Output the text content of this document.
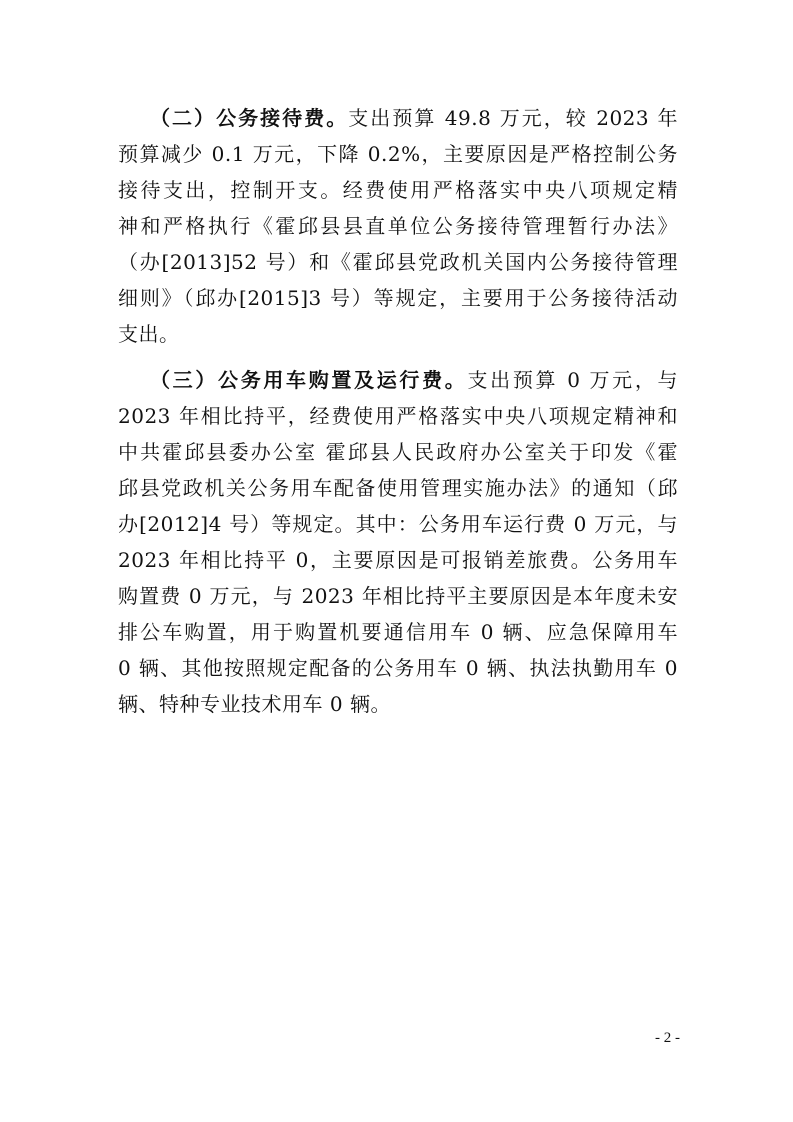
（二）公务接待费。支出预算 49.8 万元，较 2023 年
预算减少 0.1 万元，下降 0.2%，主要原因是严格控制公务
接待支出，控制开支。经费使用严格落实中央八项规定精
神和严格执行《霍邱县县直单位公务接待管理暂行办法》
（办[2013]52 号）和《霍邱县党政机关国内公务接待管理
细则》（邱办[2015]3 号）等规定，主要用于公务接待活动
支出。
（三）公务用车购置及运行费。支出预算 0 万元，与
2023 年相比持平，经费使用严格落实中央八项规定精神和
中共霍邱县委办公室 霍邱县人民政府办公室关于印发《霍
邱县党政机关公务用车配备使用管理实施办法》的通知（邱
办[2012]4 号）等规定。其中：公务用车运行费 0 万元，与
2023 年相比持平 0，主要原因是可报销差旅费。公务用车
购置费 0 万元，与 2023 年相比持平主要原因是本年度未安
排公车购置，用于购置机要通信用车 0 辆、应急保障用车
0 辆、其他按照规定配备的公务用车 0 辆、执法执勤用车 0
辆、特种专业技术用车 0 辆。
- 2 -
